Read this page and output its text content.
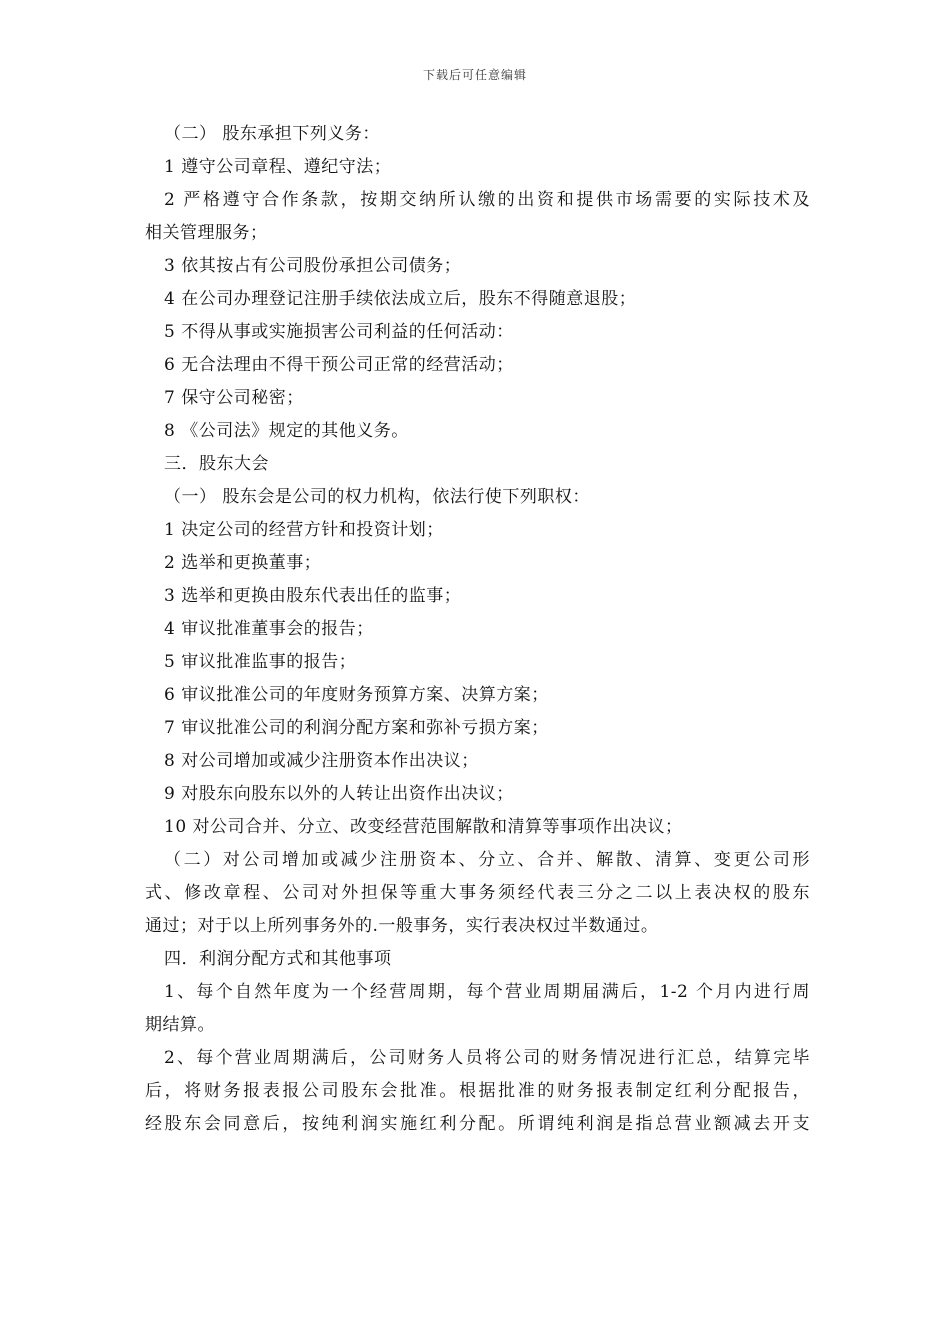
下载后可任意编辑
（二） 股东承担下列义务：
1 遵守公司章程、遵纪守法；
2 严格遵守合作条款，按期交纳所认缴的出资和提供市场需要的实际技术及
相关管理服务；
3 依其按占有公司股份承担公司债务；
4 在公司办理登记注册手续依法成立后，股东不得随意退股；
5 不得从事或实施损害公司利益的任何活动：
6 无合法理由不得干预公司正常的经营活动；
7 保守公司秘密；
8 《公司法》规定的其他义务。
三．股东大会
（一） 股东会是公司的权力机构，依法行使下列职权：
1 决定公司的经营方针和投资计划；
2 选举和更换董事；
3 选举和更换由股东代表出任的监事；
4 审议批准董事会的报告；
5 审议批准监事的报告；
6 审议批准公司的年度财务预算方案、决算方案；
7 审议批准公司的利润分配方案和弥补亏损方案；
8 对公司增加或减少注册资本作出决议；
9 对股东向股东以外的人转让出资作出决议；
10 对公司合并、分立、改变经营范围解散和清算等事项作出决议；
（二）对公司增加或减少注册资本、分立、合并、解散、清算、变更公司形
式、修改章程、公司对外担保等重大事务须经代表三分之二以上表决权的股东
通过；对于以上所列事务外的.一般事务，实行表决权过半数通过。
四．利润分配方式和其他事项
1、每个自然年度为一个经营周期，每个营业周期届满后，1-2 个月内进行周
期结算。
2、每个营业周期满后，公司财务人员将公司的财务情况进行汇总，结算完毕
后，将财务报表报公司股东会批准。根据批准的财务报表制定红利分配报告，
经股东会同意后，按纯利润实施红利分配。所谓纯利润是指总营业额减去开支
